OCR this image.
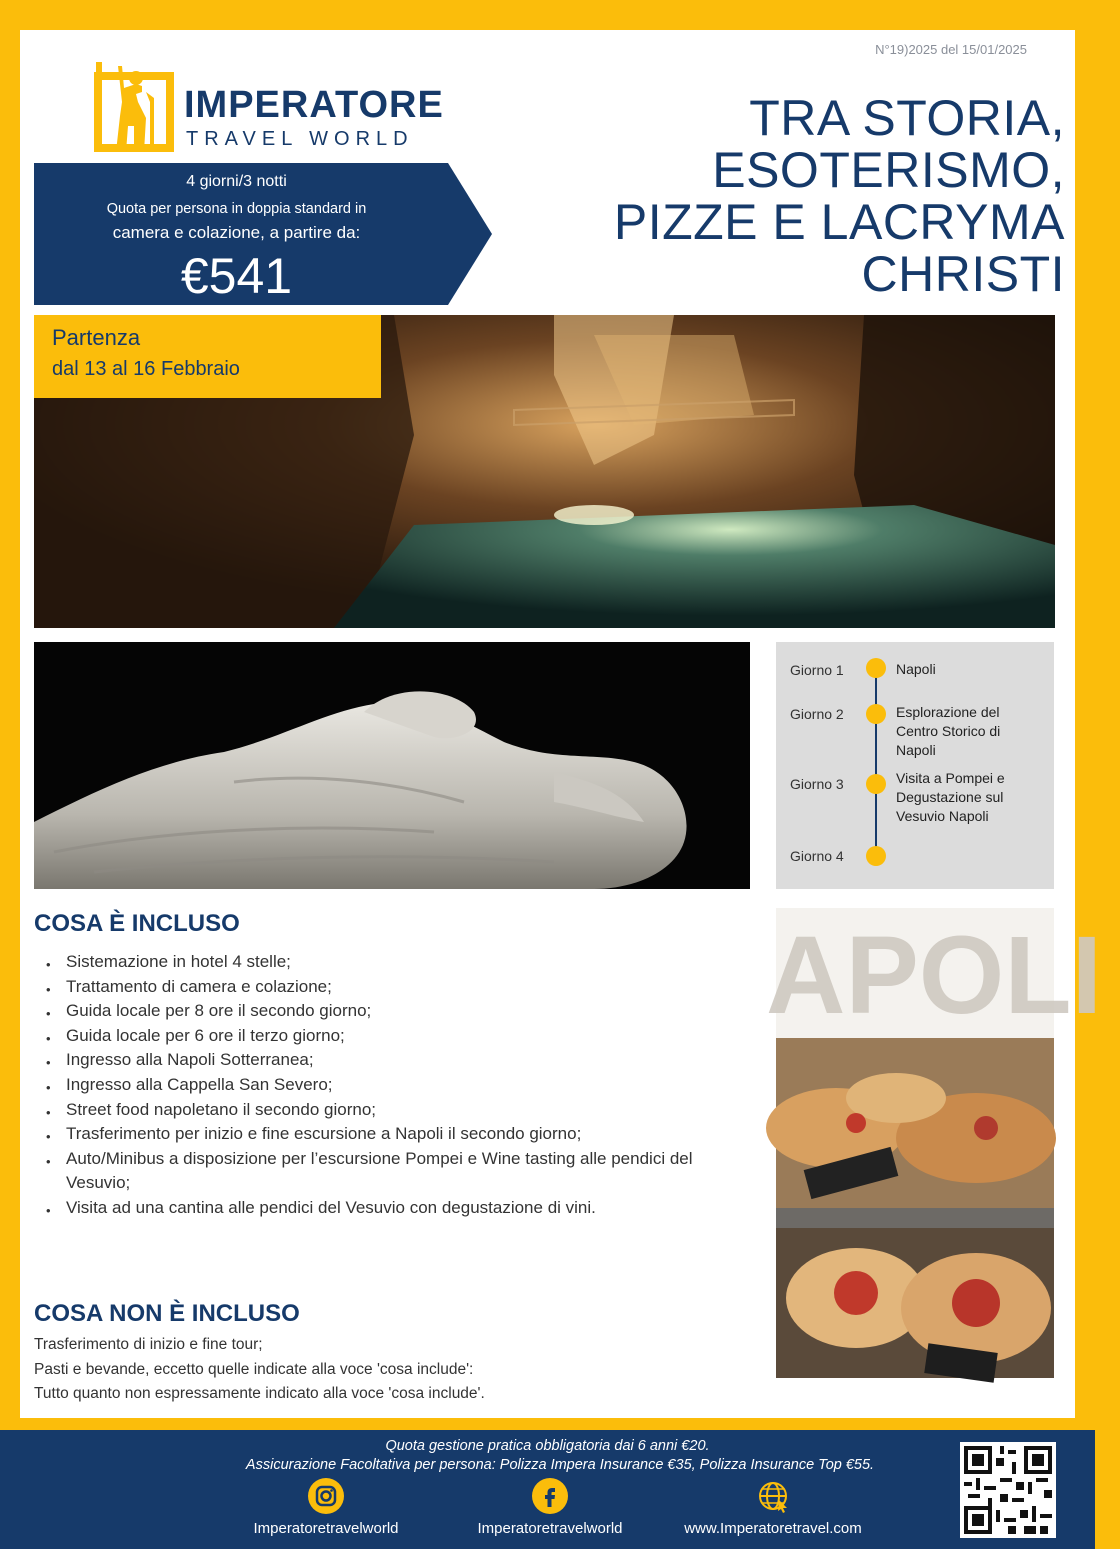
N°19)2025 del 15/01/2025
IMPERATORE
TRAVEL WORLD
4 giorni/3 notti
Quota per persona in doppia standard in
camera e colazione, a partire da:
€541
TRA STORIA,
ESOTERISMO,
PIZZE E LACRYMA
CHRISTI
Partenza
dal 13 al 16 Febbraio
Giorno 1	Napoli
Giorno 2	Esplorazione del Centro Storico di Napoli
Giorno 3	Visita a Pompei e Degustazione sul Vesuvio Napoli
Giorno 4
COSA È INCLUSO
• Sistemazione in hotel 4 stelle;
• Trattamento di camera e colazione;
• Guida locale per 8 ore il secondo giorno;
• Guida locale per 6 ore il terzo giorno;
• Ingresso alla Napoli Sotterranea;
• Ingresso alla Cappella San Severo;
• Street food napoletano il secondo giorno;
• Trasferimento per inizio e fine escursione a Napoli il secondo giorno;
• Auto/Minibus a disposizione per l’escursione Pompei e Wine tasting alle pendici del Vesuvio;
• Visita ad una cantina alle pendici del Vesuvio con degustazione di vini.
COSA NON È INCLUSO
Trasferimento di inizio e fine tour;
Pasti e bevande, eccetto quelle indicate alla voce 'cosa include':
Tutto quanto non espressamente indicato alla voce 'cosa include'.
APOLI
Quota gestione pratica obbligatoria dai 6 anni €20.
Assicurazione Facoltativa per persona: Polizza Impera Insurance €35, Polizza Insurance Top €55.
Imperatoretravelworld	Imperatoretravelworld	www.Imperatoretravel.com
